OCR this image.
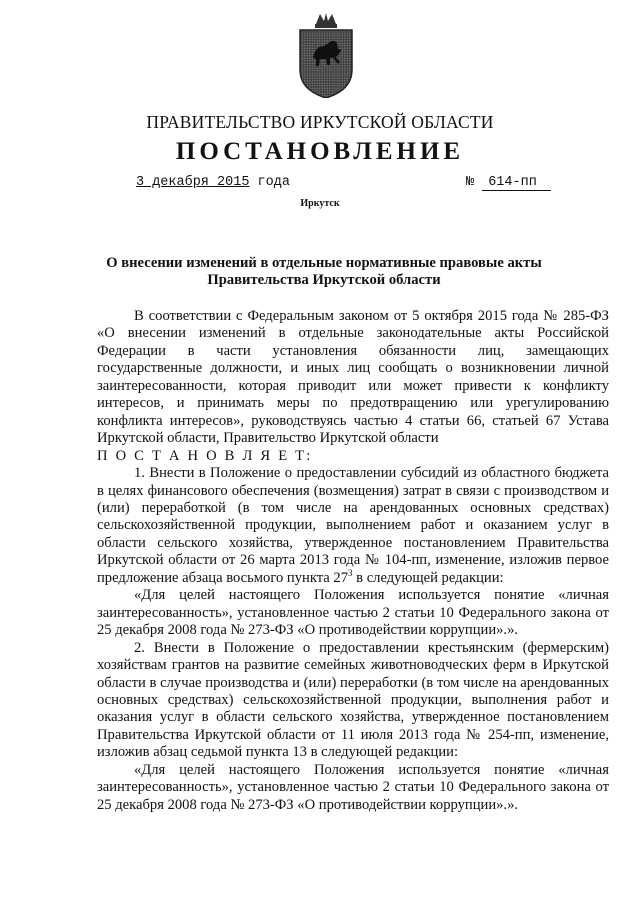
ПРАВИТЕЛЬСТВО ИРКУТСКОЙ ОБЛАСТИ
ПОСТАНОВЛЕНИЕ
3 декабря 2015 года	№ 614-пп
Иркутск
О внесении изменений в отдельные нормативные правовые акты
Правительства Иркутской области

В соответствии с Федеральным законом от 5 октября 2015 года № 285-ФЗ «О внесении изменений в отдельные законодательные акты Российской Федерации в части установления обязанности лиц, замещающих государственные должности, и иных лиц сообщать о возникновении личной заинтересованности, которая приводит или может привести к конфликту интересов, и принимать меры по предотвращению или урегулированию конфликта интересов», руководствуясь частью 4 статьи 66, статьей 67 Устава Иркутской области, Правительство Иркутской области

П О С Т А Н О В Л Я Е Т:

1. Внести в Положение о предоставлении субсидий из областного бюджета в целях финансового обеспечения (возмещения) затрат в связи с производством и (или) переработкой (в том числе на арендованных основных средствах) сельскохозяйственной продукции, выполнением работ и оказанием услуг в области сельского хозяйства, утвержденное постановлением Правительства Иркутской области от 26 марта 2013 года № 104-пп, изменение, изложив первое предложение абзаца восьмого пункта $27^3$ в следующей редакции:

«Для целей настоящего Положения используется понятие «личная заинтересованность», установленное частью 2 статьи 10 Федерального закона от 25 декабря 2008 года № 273-ФЗ «О противодействии коррупции».».

2. Внести в Положение о предоставлении крестьянским (фермерским) хозяйствам грантов на развитие семейных животноводческих ферм в Иркутской области в случае производства и (или) переработки (в том числе на арендованных основных средствах) сельскохозяйственной продукции, выполнения работ и оказания услуг в области сельского хозяйства, утвержденное постановлением Правительства Иркутской области от 11 июля 2013 года № 254-пп, изменение, изложив абзац седьмой пункта 13 в следующей редакции:

«Для целей настоящего Положения используется понятие «личная заинтересованность», установленное частью 2 статьи 10 Федерального закона от 25 декабря 2008 года № 273-ФЗ «О противодействии коррупции».».
